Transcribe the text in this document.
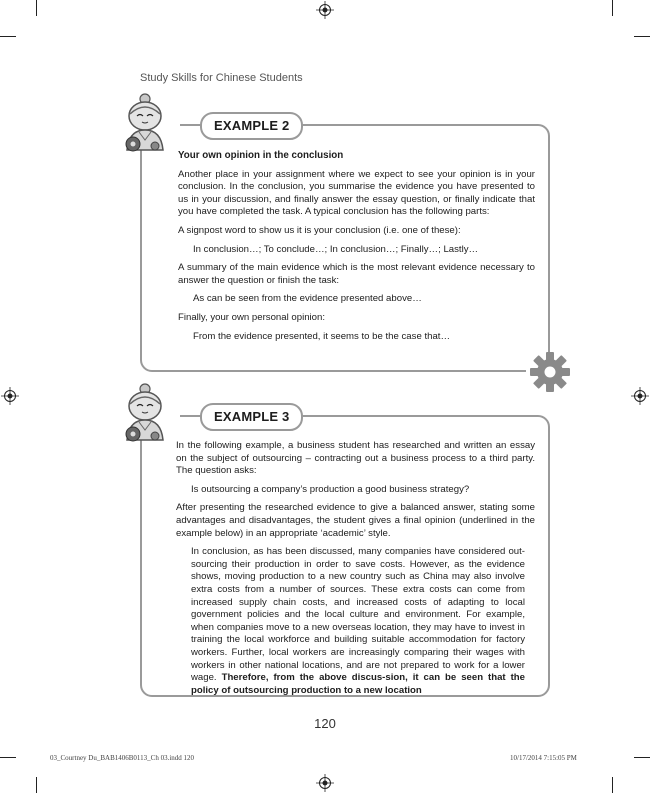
Study Skills for Chinese Students
EXAMPLE 2

Your own opinion in the conclusion

Another place in your assignment where we expect to see your opinion is in your conclusion. In the conclusion, you summarise the evidence you have presented to us in your discussion, and finally answer the essay question, or finally indicate that you have completed the task. A typical conclusion has the following parts:

A signpost word to show us it is your conclusion (i.e. one of these):

In conclusion…; To conclude…; In conclusion…; Finally…; Lastly…

A summary of the main evidence which is the most relevant evidence necessary to answer the question or finish the task:

As can be seen from the evidence presented above…

Finally, your own personal opinion:

From the evidence presented, it seems to be the case that…

EXAMPLE 3

In the following example, a business student has researched and written an essay on the subject of outsourcing – contracting out a business process to a third party. The question asks:

Is outsourcing a company’s production a good business strategy?

After presenting the researched evidence to give a balanced answer, stating some advantages and disadvantages, the student gives a final opinion (underlined in the example below) in an appropriate ‘academic’ style.

In conclusion, as has been discussed, many companies have considered out-sourcing their production in order to save costs. However, as the evidence shows, moving production to a new country such as China may also involve extra costs from a number of sources. These extra costs can come from increased supply chain costs, and increased costs of adapting to local government policies and the local culture and environment. For example, when companies move to a new overseas location, they may have to invest in training the local workforce and building suitable accommodation for factory workers. Further, local workers are increasingly comparing their wages with workers in other national locations, and are not prepared to work for a lower wage. Therefore, from the above discus-sion, it can be seen that the policy of outsourcing production to a new location

120
03_Courtney Du_BAB1406B0113_Ch 03.indd 120	10/17/2014 7:15:05 PM
